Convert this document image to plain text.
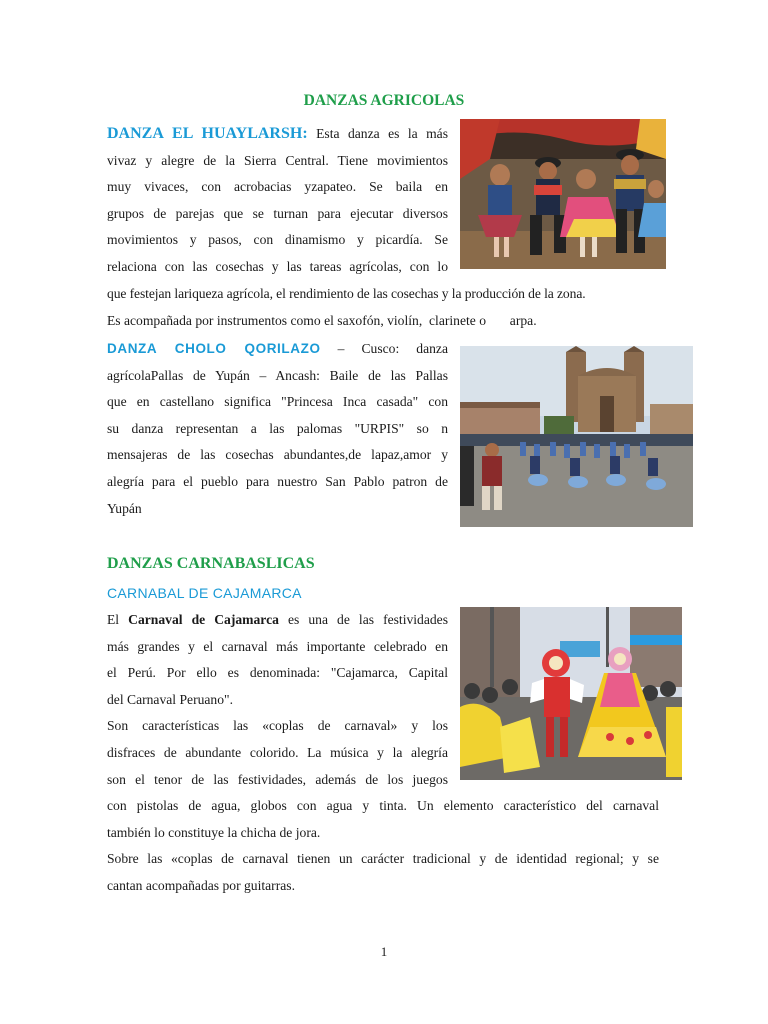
DANZAS AGRICOLAS
DANZA EL HUAYLARSH: Esta danza es la más
vivaz y alegre de la Sierra Central. Tiene movimientos
muy vivaces, con acrobacias yzapateo. Se baila en
grupos de parejas que se turnan para ejecutar diversos
movimientos y pasos, con dinamismo y picardía. Se
relaciona con las cosechas y las tareas agrícolas, con lo
que festejan lariqueza agrícola, el rendimiento de las cosechas y la producción de la zona.
Es acompañada por instrumentos como el saxofón, violín,  clarinete o       arpa.
DANZA CHOLO QORILAZO – Cusco: danza
agrícolaPallas de Yupán – Ancash: Baile de las Pallas
que en castellano significa "Princesa Inca casada" con
su danza representan a las palomas "URPIS" so n
mensajeras de las cosechas abundantes,de lapaz,amor y
alegría para el pueblo para nuestro San Pablo patron de
Yupán
DANZAS CARNABASLICAS
CARNABAL DE CAJAMARCA
El Carnaval de Cajamarca es una de las festividades
más grandes y el carnaval más importante celebrado en
el Perú. Por ello es denominada: "Cajamarca, Capital
del Carnaval Peruano".
Son características las «coplas de carnaval» y los
disfraces de abundante colorido. La música y la alegría
son el tenor de las festividades, además de los juegos
con pistolas de agua, globos con agua y tinta. Un elemento característico del carnaval
también lo constituye la chicha de jora.
Sobre las «coplas de carnaval tienen un carácter tradicional y de identidad regional; y se
cantan acompañadas por guitarras.
1
